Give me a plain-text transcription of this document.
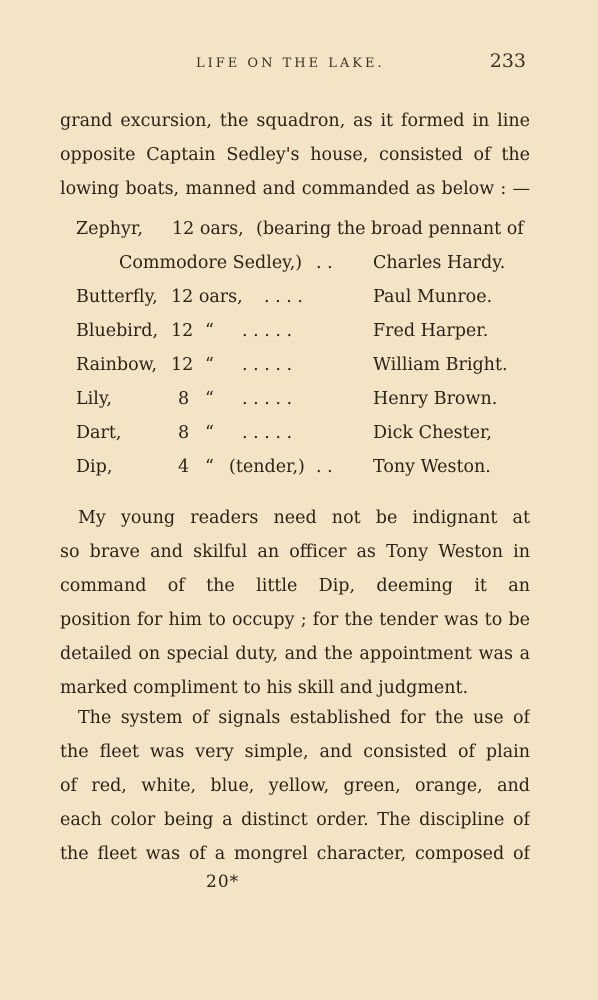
LIFE ON THE LAKE.	233
grand excursion, the squadron, as it formed in line
opposite Captain Sedley's house, consisted of the
lowing boats, manned and commanded as below : —
Zephyr, 12 oars, (bearing the broad pennant of
Commodore Sedley,) . . Charles Hardy.
Butterfly, 12 oars, . . . .	Paul Munroe.
Bluebird, 12 “ . . . . .	Fred Harper.
Rainbow, 12 “ . . . . .	William Bright.
Lily,	8 “ . . . . .	Henry Brown.
Dart,	8 “ . . . . .	Dick Chester,
Dip,	4 “ (tender,) . . Tony Weston.
My young readers need not be indignant at
so brave and skilful an officer as Tony Weston in
command of the little Dip, deeming it an
position for him to occupy ; for the tender was to be
detailed on special duty, and the appointment was a
marked compliment to his skill and judgment.
The system of signals established for the use of
the fleet was very simple, and consisted of plain
of red, white, blue, yellow, green, orange, and
each color being a distinct order. The discipline of
the fleet was of a mongrel character, composed of
20*
